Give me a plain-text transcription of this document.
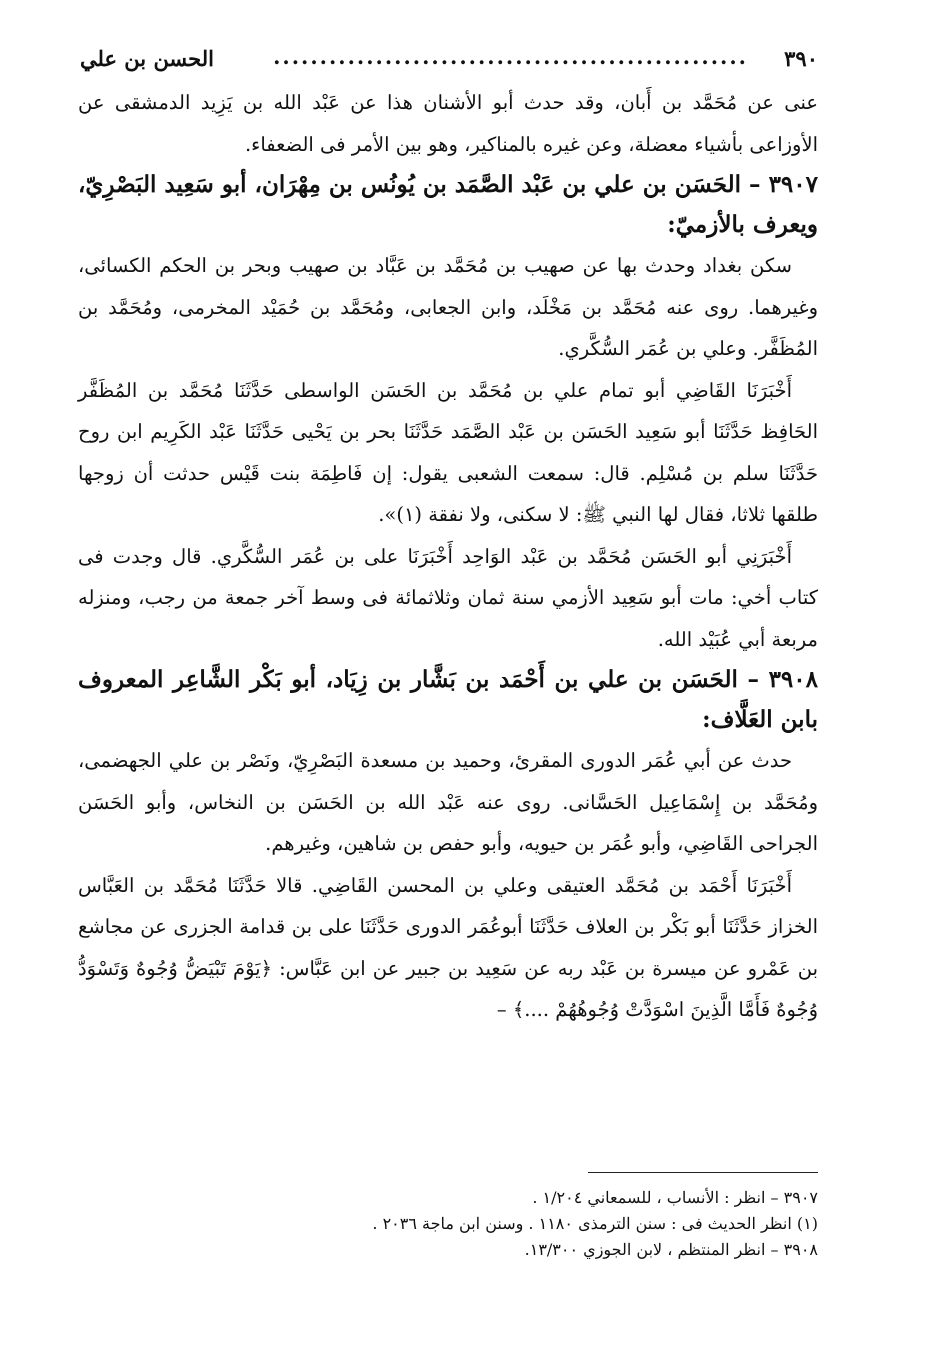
٣٩٠
...................................................
الحسن بن علي

عنى عن مُحَمَّد بن أَبان، وقد حدث أبو الأشنان هذا عن عَبْد الله بن يَزِيد الدمشقى عن الأوزاعى بأشياء معضلة، وعن غيره بالمناكير، وهو بين الأمر فى الضعفاء.

٣٩٠٧ – الحَسَن بن علي بن عَبْد الصَّمَد بن يُونُس بن مِهْرَان، أبو سَعِيد البَصْرِيّ، ويعرف بالأزميّ:

سكن بغداد وحدث بها عن صهيب بن مُحَمَّد بن عَبَّاد بن صهيب وبحر بن الحكم الكسائى، وغيرهما. روى عنه مُحَمَّد بن مَخْلَد، وابن الجعابى، ومُحَمَّد بن حُمَيْد المخرمى، ومُحَمَّد بن المُظَفَّر. وعلي بن عُمَر السُّكَّري.

أَخْبَرَنَا القَاضِي أبو تمام علي بن مُحَمَّد بن الحَسَن الواسطى حَدَّثَنَا مُحَمَّد بن المُظَفَّر الحَافِظ حَدَّثَنَا أبو سَعِيد الحَسَن بن عَبْد الصَّمَد حَدَّثَنَا بحر بن يَحْيى حَدَّثَنَا عَبْد الكَرِيم ابن روح حَدَّثَنَا سلم بن مُسْلِم. قال: سمعت الشعبى يقول: إن فَاطِمَة بنت قَيْس حدثت أن زوجها طلقها ثلاثا، فقال لها النبي ﷺ: لا سكنى، ولا نفقة (١)».

أَخْبَرَنِي أبو الحَسَن مُحَمَّد بن عَبْد الوَاحِد أَخْبَرَنَا على بن عُمَر السُّكَّري. قال وجدت فى كتاب أخي: مات أبو سَعِيد الأزمي سنة ثمان وثلاثمائة فى وسط آخر جمعة من رجب، ومنزله مربعة أبي عُبَيْد الله.

٣٩٠٨ – الحَسَن بن علي بن أَحْمَد بن بَشَّار بن زِيَاد، أبو بَكْر الشَّاعِر المعروف بابن العَلَّاف:

حدث عن أبي عُمَر الدورى المقرئ، وحميد بن مسعدة البَصْرِيّ، ونَصْر بن علي الجهضمى، ومُحَمَّد بن إِسْمَاعِيل الحَسَّانى. روى عنه عَبْد الله بن الحَسَن بن النخاس، وأبو الحَسَن الجراحى القَاضِي، وأبو عُمَر بن حيويه، وأبو حفص بن شاهين، وغيرهم.

أَخْبَرَنَا أَحْمَد بن مُحَمَّد العتيقى وعلي بن المحسن القَاضِي. قالا حَدَّثَنَا مُحَمَّد بن العَبَّاس الخزاز حَدَّثَنَا أبو بَكْر بن العلاف حَدَّثَنَا أبوعُمَر الدورى حَدَّثَنَا على بن قدامة الجزرى عن مجاشع بن عَمْرو عن ميسرة بن عَبْد ربه عن سَعِيد بن جبير عن ابن عَبَّاس: ﴿يَوْمَ تَبْيَضُّ وُجُوهٌ وَتَسْوَدُّ وُجُوهٌ فَأَمَّا الَّذِينَ اسْوَدَّتْ وُجُوهُهُمْ ....﴾ –

٣٩٠٧ – انظر : الأنساب ، للسمعاني ١/٢٠٤ .
(١) انظر الحديث فى : سنن الترمذى ١١٨٠ . وسنن ابن ماجة ٢٠٣٦ .
٣٩٠٨ – انظر المنتظم ، لابن الجوزي ١٣/٣٠٠.
